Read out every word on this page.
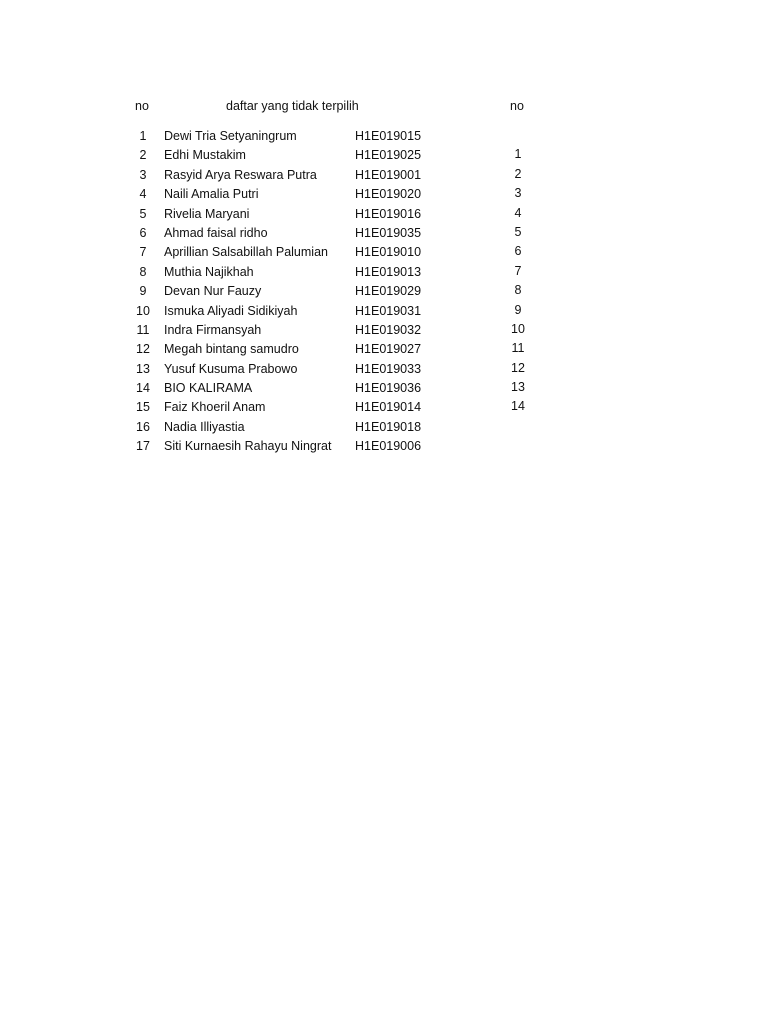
no	daftar yang tidak terpilih	no
1	Dewi Tria Setyaningrum	H1E019015
2	Edhi Mustakim	H1E019025	1
3	Rasyid Arya Reswara Putra	H1E019001	2
4	Naili Amalia Putri	H1E019020	3
5	Rivelia Maryani	H1E019016	4
6	Ahmad faisal ridho	H1E019035	5
7	Aprillian Salsabillah Palumian H1E019010	6
8	Muthia Najikhah	H1E019013	7
9	Devan Nur Fauzy	H1E019029	8
10	Ismuka Aliyadi Sidikiyah	H1E019031	9
11	Indra Firmansyah	H1E019032	10
12	Megah bintang samudro	H1E019027	11
13	Yusuf Kusuma Prabowo	H1E019033	12
14	BIO KALIRAMA	H1E019036	13
15	Faiz Khoeril Anam	H1E019014	14
16	Nadia Illiyastia	H1E019018
17	Siti Kurnaesih Rahayu Ningrat H1E019006
